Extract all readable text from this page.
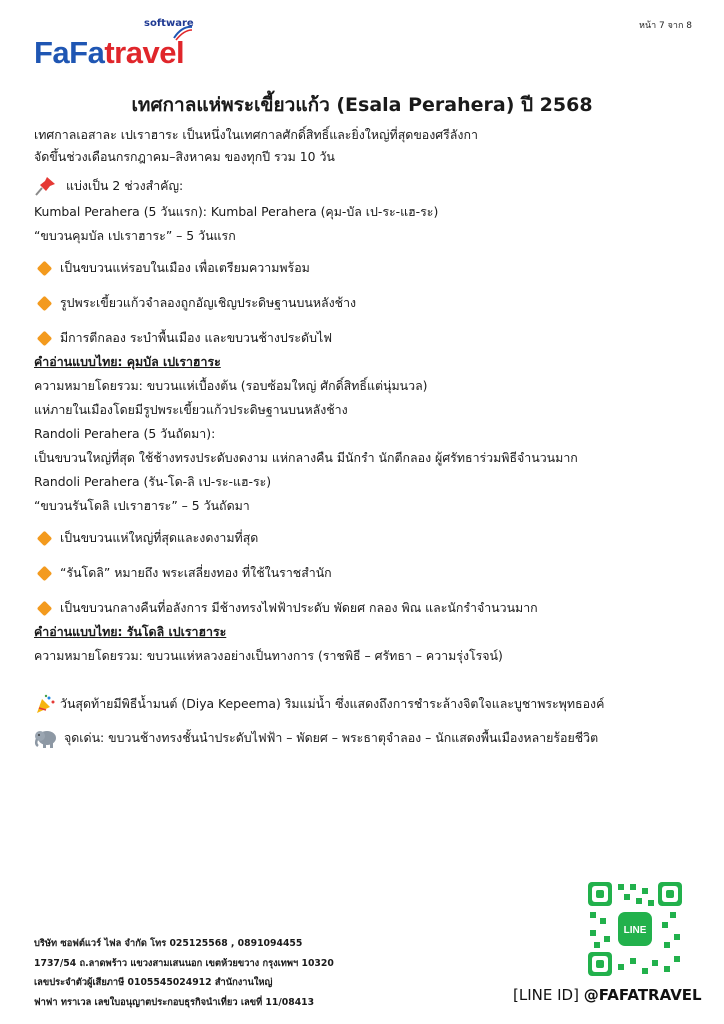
หน้า 7 จาก 8
software
FaFatravel
เทศกาลแห่พระเขี้ยวแก้ว (Esala Perahera) ปี 2568
เทศกาลเอสาละ เปเราฮาระ เป็นหนึ่งในเทศกาลศักดิ์สิทธิ์และยิ่งใหญ่ที่สุดของศรีลังกา
จัดขึ้นช่วงเดือนกรกฎาคม–สิงหาคม ของทุกปี รวม 10 วัน
แบ่งเป็น 2 ช่วงสำคัญ:
Kumbal Perahera (5 วันแรก): Kumbal Perahera (คุม-บัล เป-ระ-แฮ-ระ)
“ขบวนคุมบัล เปเราฮาระ” – 5 วันแรก
เป็นขบวนแห่รอบในเมือง เพื่อเตรียมความพร้อม
รูปพระเขี้ยวแก้วจำลองถูกอัญเชิญประดิษฐานบนหลังช้าง
มีการตีกลอง ระบำพื้นเมือง และขบวนช้างประดับไฟ
คำอ่านแบบไทย: คุมบัล เปเราฮาระ
ความหมายโดยรวม: ขบวนแห่เบื้องต้น (รอบซ้อมใหญ่ ศักดิ์สิทธิ์แต่นุ่มนวล)
แห่ภายในเมืองโดยมีรูปพระเขี้ยวแก้วประดิษฐานบนหลังช้าง
Randoli Perahera (5 วันถัดมา):
เป็นขบวนใหญ่ที่สุด ใช้ช้างทรงประดับงดงาม แห่กลางคืน มีนักรำ นักตีกลอง ผู้ศรัทธาร่วมพิธีจำนวนมาก
Randoli Perahera (รัน-โด-ลิ เป-ระ-แฮ-ระ)
“ขบวนรันโดลิ เปเราฮาระ” – 5 วันถัดมา
เป็นขบวนแห่ใหญ่ที่สุดและงดงามที่สุด
“รันโดลิ” หมายถึง พระเสลี่ยงทอง ที่ใช้ในราชสำนัก
เป็นขบวนกลางคืนที่อลังการ มีช้างทรงไฟฟ้าประดับ พัดยศ กลอง พิณ และนักรำจำนวนมาก
คำอ่านแบบไทย: รันโดลิ เปเราฮาระ
ความหมายโดยรวม: ขบวนแห่หลวงอย่างเป็นทางการ (ราชพิธี – ศรัทธา – ความรุ่งโรจน์)
วันสุดท้ายมีพิธีน้ำมนต์ (Diya Kepeema) ริมแม่น้ำ ซึ่งแสดงถึงการชำระล้างจิตใจและบูชาพระพุทธองค์
จุดเด่น: ขบวนช้างทรงชั้นนำประดับไฟฟ้า – พัดยศ – พระธาตุจำลอง – นักแสดงพื้นเมืองหลายร้อยชีวิต
บริษัท ซอฟต์แวร์ ไฟล จำกัด โทร 025125568 , 0891094455
1737/54 ถ.ลาดพร้าว แขวงสามเสนนอก เขตห้วยขวาง กรุงเทพฯ 10320
เลขประจำตัวผู้เสียภาษี 0105545024912 สำนักงานใหญ่
ฟาฟา ทราเวล เลขใบอนุญาตประกอบธุรกิจนำเที่ยว เลขที่ 11/08413
LINE
[LINE ID] @FAFATRAVEL
